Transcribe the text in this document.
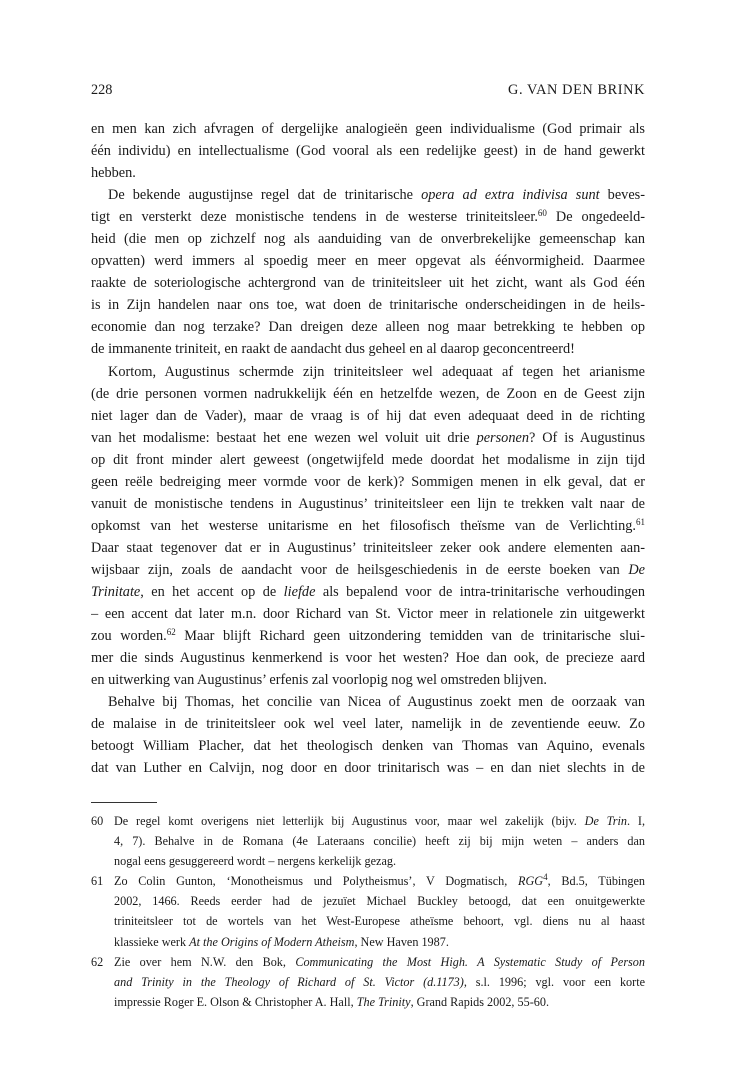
228	G. VAN DEN BRINK
en men kan zich afvragen of dergelijke analogieën geen individualisme (God primair als
één individu) en intellectualisme (God vooral als een redelijke geest) in de hand gewerkt
hebben.
De bekende augustijnse regel dat de trinitarische opera ad extra indivisa sunt beves-
tigt en versterkt deze monistische tendens in de westerse triniteitsleer.$^{60}$ De ongedeeld-
heid (die men op zichzelf nog als aanduiding van de onverbrekelijke gemeenschap kan
opvatten) werd immers al spoedig meer en meer opgevat als éénvormigheid. Daarmee
raakte de soteriologische achtergrond van de triniteitsleer uit het zicht, want als God één
is in Zijn handelen naar ons toe, wat doen de trinitarische onderscheidingen in de heils-
economie dan nog terzake? Dan dreigen deze alleen nog maar betrekking te hebben op
de immanente triniteit, en raakt de aandacht dus geheel en al daarop geconcentreerd!
Kortom, Augustinus schermde zijn triniteitsleer wel adequaat af tegen het arianisme
(de drie personen vormen nadrukkelijk één en hetzelfde wezen, de Zoon en de Geest zijn
niet lager dan de Vader), maar de vraag is of hij dat even adequaat deed in de richting
van het modalisme: bestaat het ene wezen wel voluit uit drie personen? Of is Augustinus
op dit front minder alert geweest (ongetwijfeld mede doordat het modalisme in zijn tijd
geen reële bedreiging meer vormde voor de kerk)? Sommigen menen in elk geval, dat er
vanuit de monistische tendens in Augustinus’ triniteitsleer een lijn te trekken valt naar de
opkomst van het westerse unitarisme en het filosofisch theïsme van de Verlichting.$^{61}$
Daar staat tegenover dat er in Augustinus’ triniteitsleer zeker ook andere elementen aan-
wijsbaar zijn, zoals de aandacht voor de heilsgeschiedenis in de eerste boeken van De
Trinitate, en het accent op de liefde als bepalend voor de intra-trinitarische verhoudingen
– een accent dat later m.n. door Richard van St. Victor meer in relationele zin uitgewerkt
zou worden.$^{62}$ Maar blijft Richard geen uitzondering temidden van de trinitarische slui-
mer die sinds Augustinus kenmerkend is voor het westen? Hoe dan ook, de precieze aard
en uitwerking van Augustinus’ erfenis zal voorlopig nog wel omstreden blijven.
Behalve bij Thomas, het concilie van Nicea of Augustinus zoekt men de oorzaak van
de malaise in de triniteitsleer ook wel veel later, namelijk in de zeventiende eeuw. Zo
betoogt William Placher, dat het theologisch denken van Thomas van Aquino, evenals
dat van Luther en Calvijn, nog door en door trinitarisch was – en dan niet slechts in de
60 De regel komt overigens niet letterlijk bij Augustinus voor, maar wel zakelijk (bijv. De Trin. I,
4, 7). Behalve in de Romana (4e Lateraans concilie) heeft zij bij mijn weten – anders dan
nogal eens gesuggereerd wordt – nergens kerkelijk gezag.
61 Zo Colin Gunton, ‘Monotheismus und Polytheismus’, V Dogmatisch, RGG$^4$, Bd.5, Tübingen
2002, 1466. Reeds eerder had de jezuïet Michael Buckley betoogd, dat een onuitgewerkte
triniteitsleer tot de wortels van het West-Europese atheïsme behoort, vgl. diens nu al haast
klassieke werk At the Origins of Modern Atheism, New Haven 1987.
62 Zie over hem N.W. den Bok, Communicating the Most High. A Systematic Study of Person
and Trinity in the Theology of Richard of St. Victor (d.1173), s.l. 1996; vgl. voor een korte
impressie Roger E. Olson & Christopher A. Hall, The Trinity, Grand Rapids 2002, 55-60.
